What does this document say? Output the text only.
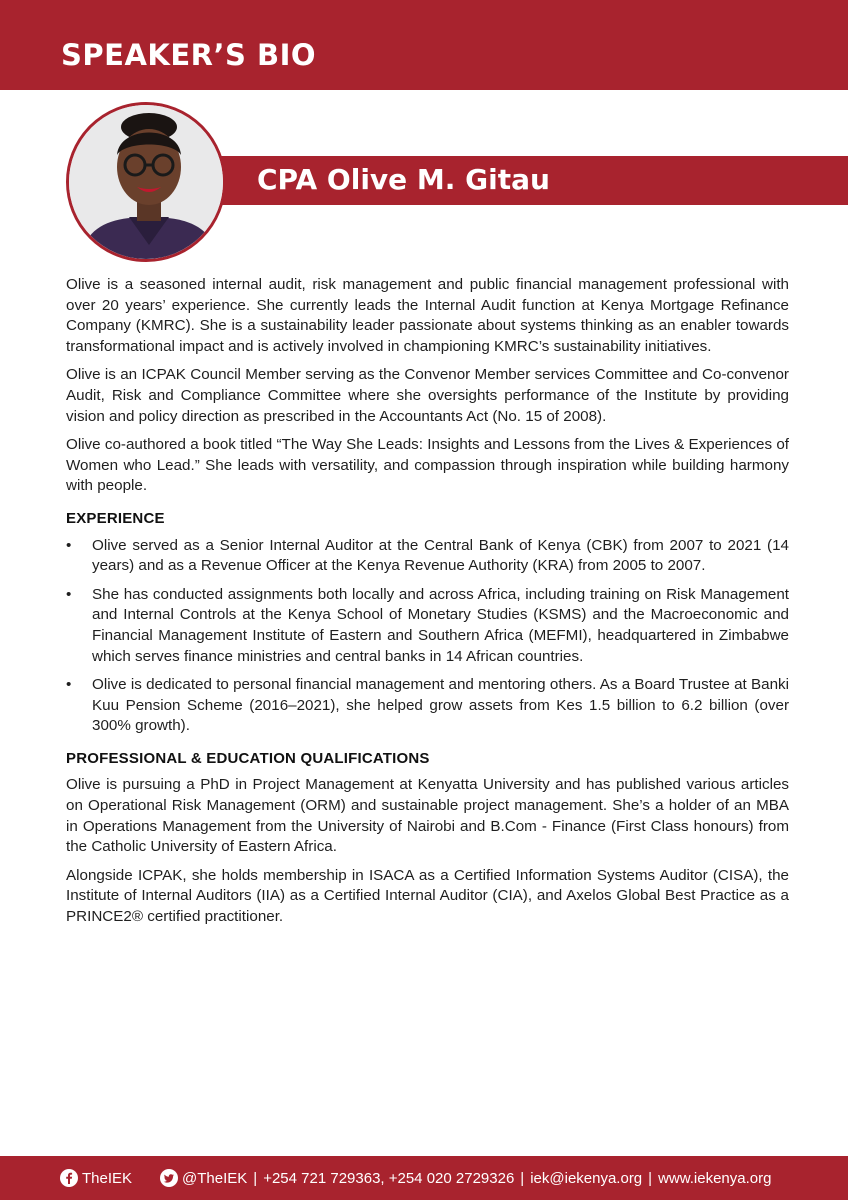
SPEAKER’S BIO
CPA Olive M. Gitau

Olive is a seasoned internal audit, risk management and public financial management professional with over 20 years’ experience. She currently leads the Internal Audit function at Kenya Mortgage Refinance Company (KMRC). She is a sustainability leader passionate about systems thinking as an enabler towards transformational impact and is actively involved in championing KMRC’s sustainability initiatives.

Olive is an ICPAK Council Member serving as the Convenor Member services Committee and Co-convenor Audit, Risk and Compliance Committee where she oversights performance of the Institute by providing vision and policy direction as prescribed in the Accountants Act (No. 15 of 2008).

Olive co-authored a book titled “The Way She Leads: Insights and Lessons from the Lives & Experiences of Women who Lead.” She leads with versatility, and compassion through inspiration while building harmony with people.

EXPERIENCE
• Olive served as a Senior Internal Auditor at the Central Bank of Kenya (CBK) from 2007 to 2021 (14 years) and as a Revenue Officer at the Kenya Revenue Authority (KRA) from 2005 to 2007.
• She has conducted assignments both locally and across Africa, including training on Risk Management and Internal Controls at the Kenya School of Monetary Studies (KSMS) and the Macroeconomic and Financial Management Institute of Eastern and Southern Africa (MEFMI), headquartered in Zimbabwe which serves finance ministries and central banks in 14 African countries.
• Olive is dedicated to personal financial management and mentoring others. As a Board Trustee at Banki Kuu Pension Scheme (2016–2021), she helped grow assets from Kes 1.5 billion to 6.2 billion (over 300% growth).
PROFESSIONAL & EDUCATION QUALIFICATIONS

Olive is pursuing a PhD in Project Management at Kenyatta University and has published various articles on Operational Risk Management (ORM) and sustainable project management. She’s a holder of an MBA in Operations Management from the University of Nairobi and B.Com - Finance (First Class honours) from the Catholic University of Eastern Africa.

Alongside ICPAK, she holds membership in ISACA as a Certified Information Systems Auditor (CISA), the Institute of Internal Auditors (IIA) as a Certified Internal Auditor (CIA), and Axelos Global Best Practice as a PRINCE2® certified practitioner.

TheIEK	@TheIEK | +254 721 729363, +254 020 2729326 | iek@iekenya.org | www.iekenya.org
